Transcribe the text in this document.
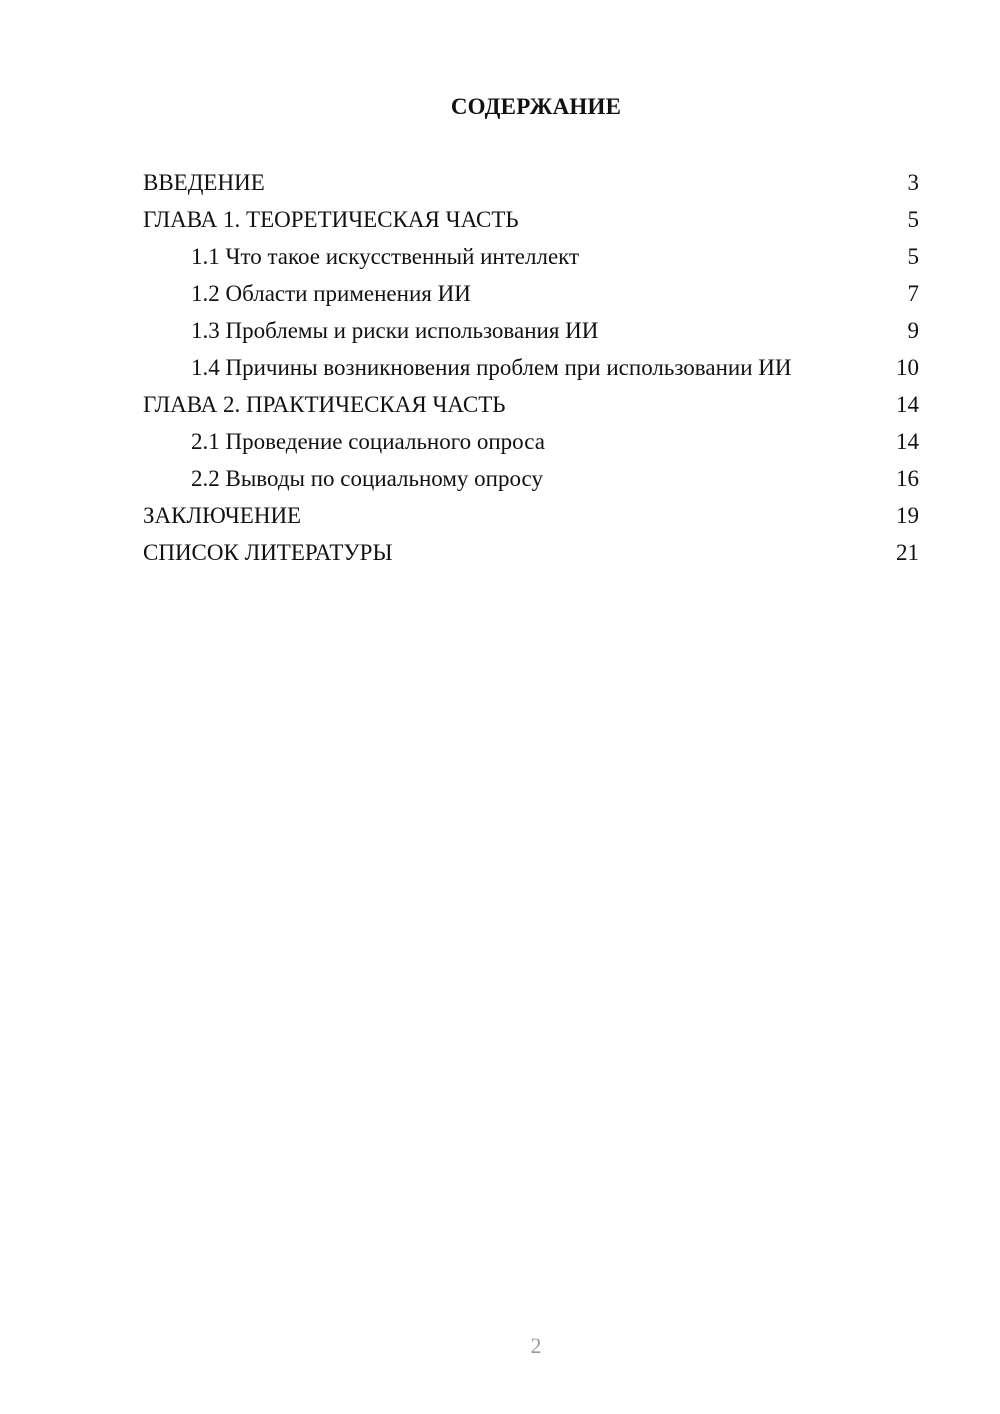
СОДЕРЖАНИЕ
ВВЕДЕНИЕ	3
ГЛАВА 1. ТЕОРЕТИЧЕСКАЯ ЧАСТЬ	5
1.1 Что такое искусственный интеллект	5
1.2 Области применения ИИ	7
1.3 Проблемы и риски использования ИИ	9
1.4 Причины возникновения проблем при использовании ИИ	10
ГЛАВА 2. ПРАКТИЧЕСКАЯ ЧАСТЬ	14
2.1 Проведение социального опроса	14
2.2 Выводы по социальному опросу	16
ЗАКЛЮЧЕНИЕ	19
СПИСОК ЛИТЕРАТУРЫ	21
2
